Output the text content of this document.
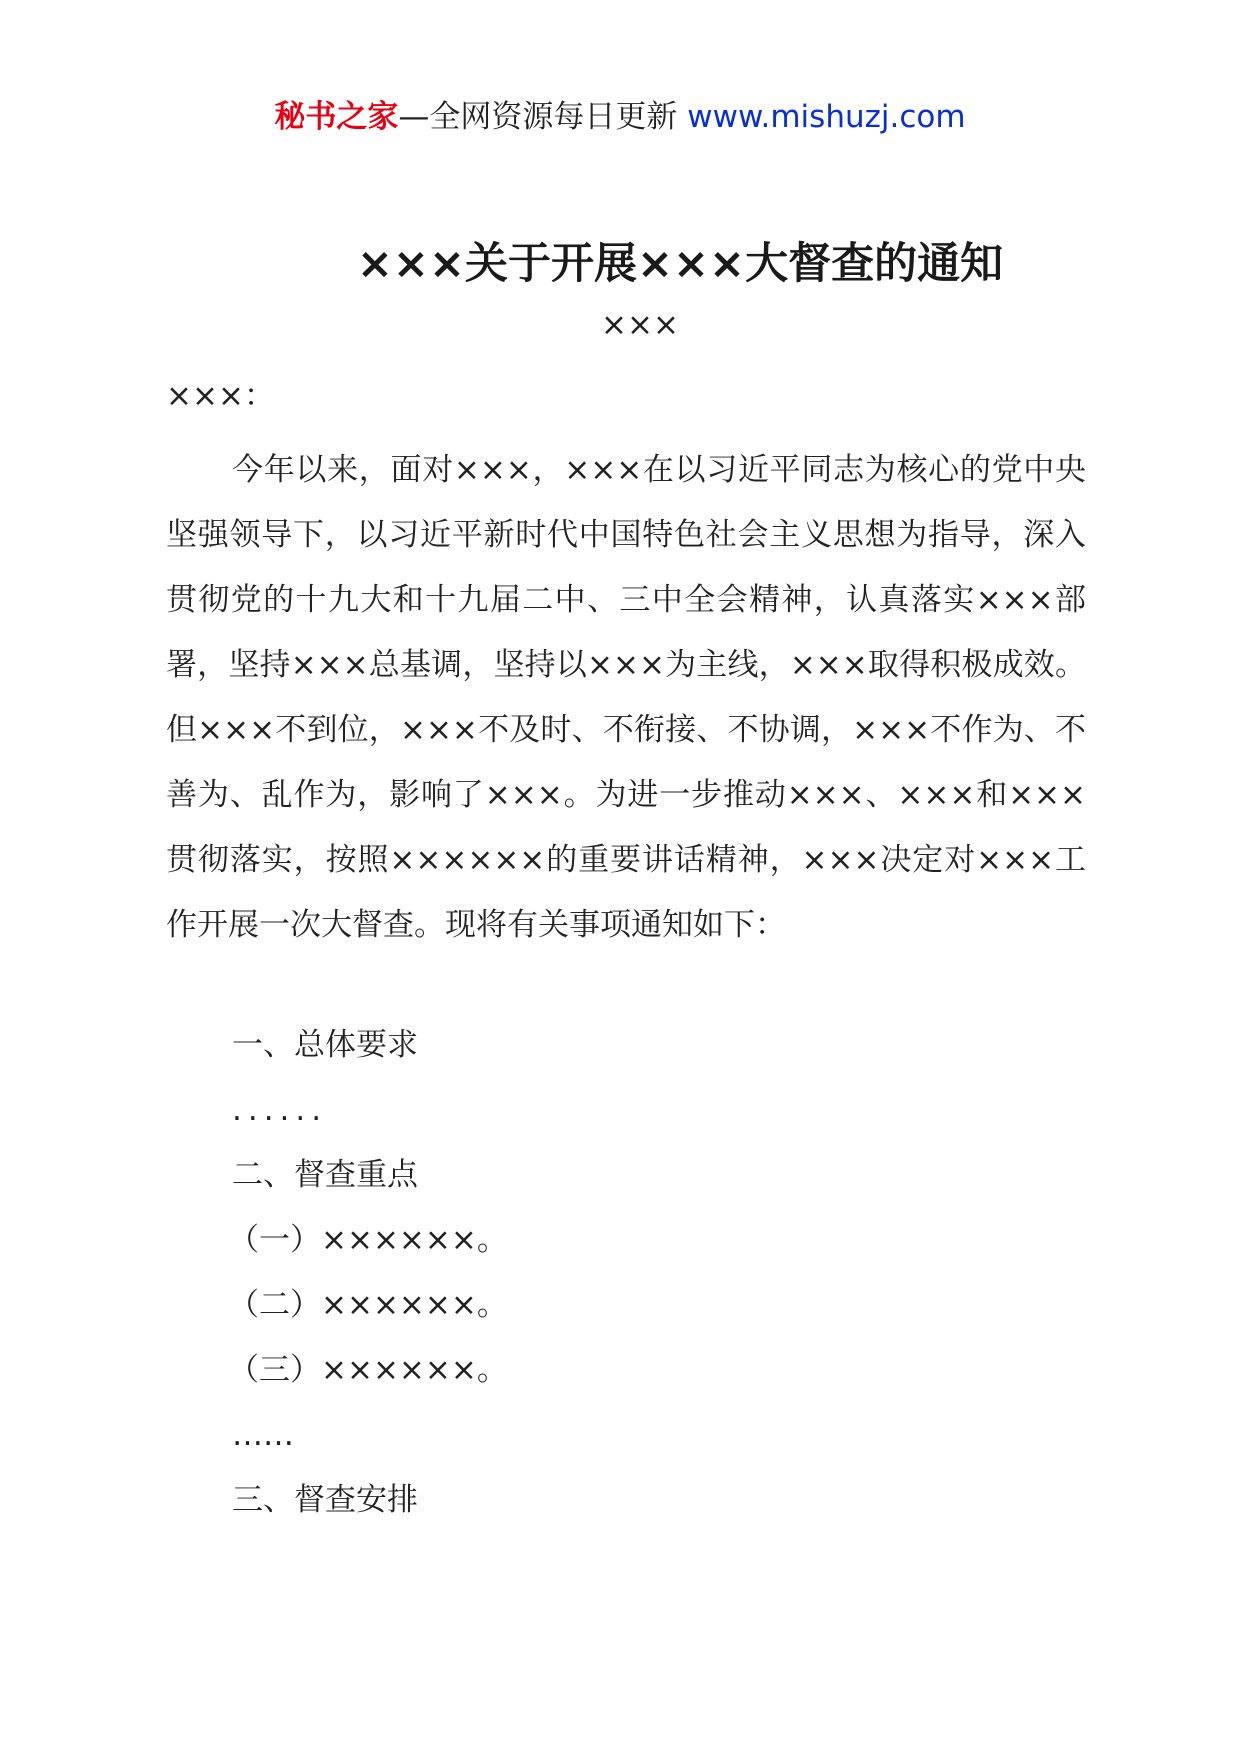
秘书之家—全网资源每日更新 www.mishuzj.com
×××关于开展×××大督查的通知
×××
×××：

今年以来，面对×××，×××在以习近平同志为核心的党中央坚强领导下，以习近平新时代中国特色社会主义思想为指导，深入贯彻党的十九大和十九届二中、三中全会精神，认真落实×××部署，坚持×××总基调，坚持以×××为主线，×××取得积极成效。但×××不到位，×××不及时、不衔接、不协调，×××不作为、不善为、乱作为，影响了×××。为进一步推动×××、×××和×××贯彻落实，按照××××××的重要讲话精神，×××决定对×××工作开展一次大督查。现将有关事项通知如下：

一、总体要求
......
二、督查重点
（一）××××××。
（二）××××××。
（三）××××××。
……
三、督查安排
